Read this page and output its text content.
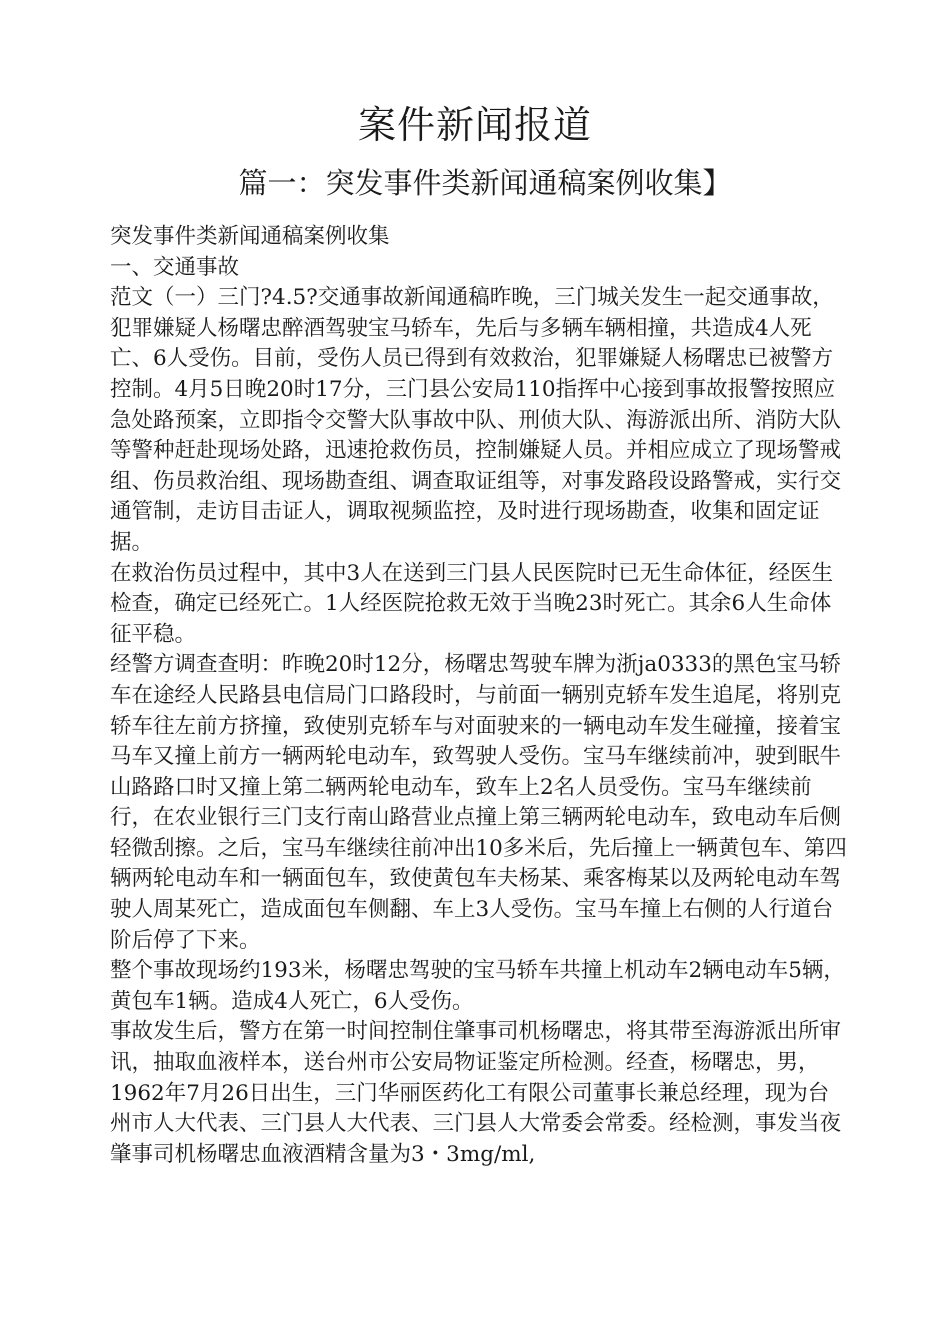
案件新闻报道
篇一：突发事件类新闻通稿案例收集】

突发事件类新闻通稿案例收集

一、交通事故

范文（一）三门?4.5?交通事故新闻通稿昨晚，三门城关发生一起交通事故，犯罪嫌疑人杨曙忠醉酒驾驶宝马轿车，先后与多辆车辆相撞，共造成4人死亡、6人受伤。目前，受伤人员已得到有效救治，犯罪嫌疑人杨曙忠已被警方控制。4月5日晚20时17分，三门县公安局110指挥中心接到事故报警按照应急处路预案，立即指令交警大队事故中队、刑侦大队、海游派出所、消防大队等警种赶赴现场处路，迅速抢救伤员，控制嫌疑人员。并相应成立了现场警戒组、伤员救治组、现场勘查组、调查取证组等，对事发路段设路警戒，实行交通管制，走访目击证人，调取视频监控，及时进行现场勘查，收集和固定证据。

在救治伤员过程中，其中3人在送到三门县人民医院时已无生命体征，经医生检查，确定已经死亡。1人经医院抢救无效于当晚23时死亡。其余6人生命体征平稳。

经警方调查查明：昨晚20时12分，杨曙忠驾驶车牌为浙ja0333的黑色宝马轿车在途经人民路县电信局门口路段时，与前面一辆别克轿车发生追尾，将别克轿车往左前方挤撞，致使别克轿车与对面驶来的一辆电动车发生碰撞，接着宝马车又撞上前方一辆两轮电动车，致驾驶人受伤。宝马车继续前冲，驶到眠牛山路路口时又撞上第二辆两轮电动车，致车上2名人员受伤。宝马车继续前行，在农业银行三门支行南山路营业点撞上第三辆两轮电动车，致电动车后侧轻微刮擦。之后，宝马车继续往前冲出10多米后，先后撞上一辆黄包车、第四辆两轮电动车和一辆面包车，致使黄包车夫杨某、乘客梅某以及两轮电动车驾驶人周某死亡，造成面包车侧翻、车上3人受伤。宝马车撞上右侧的人行道台阶后停了下来。

整个事故现场约193米，杨曙忠驾驶的宝马轿车共撞上机动车2辆电动车5辆，黄包车1辆。造成4人死亡，6人受伤。

事故发生后，警方在第一时间控制住肇事司机杨曙忠，将其带至海游派出所审讯，抽取血液样本，送台州市公安局物证鉴定所检测。经查，杨曙忠，男，1962年7月26日出生，三门华丽医药化工有限公司董事长兼总经理，现为台州市人大代表、三门县人大代表、三门县人大常委会常委。经检测，事发当夜肇事司机杨曙忠血液酒精含量为3・3mg/ml,
